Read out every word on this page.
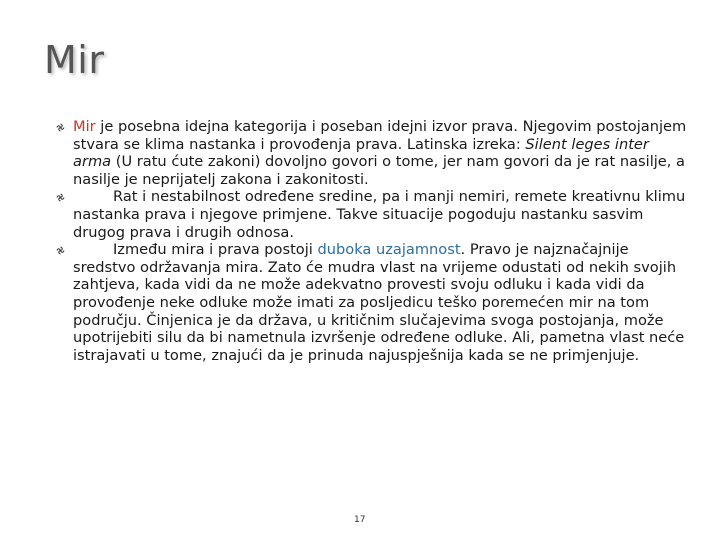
Mir

Mir je posebna idejna kategorija i poseban idejni izvor prava. Njegovim postojanjem stvara se klima nastanka i provođenja prava. Latinska izreka: Silent leges inter arma (U ratu ćute zakoni) dovoljno govori o tome, jer nam govori da je rat nasilje, a nasilje je neprijatelj zakona i zakonitosti.

Rat i nestabilnost određene sredine, pa i manji nemiri, remete kreativnu klimu nastanka prava i njegove primjene. Takve situacije pogoduju nastanku sasvim drugog prava i drugih odnosa.

Između mira i prava postoji duboka uzajamnost. Pravo je najznačajnije sredstvo održavanja mira. Zato će mudra vlast na vrijeme odustati od nekih svojih zahtjeva, kada vidi da ne može adekvatno provesti svoju odluku i kada vidi da provođenje neke odluke može imati za posljedicu teško poremećen mir na tom području. Činjenica je da država, u kritičnim slučajevima svoga postojanja, može upotrijebiti silu da bi nametnula izvršenje određene odluke. Ali, pametna vlast neće istrajavati u tome, znajući da je prinuda najuspješnija kada se ne primjenjuje.

17
